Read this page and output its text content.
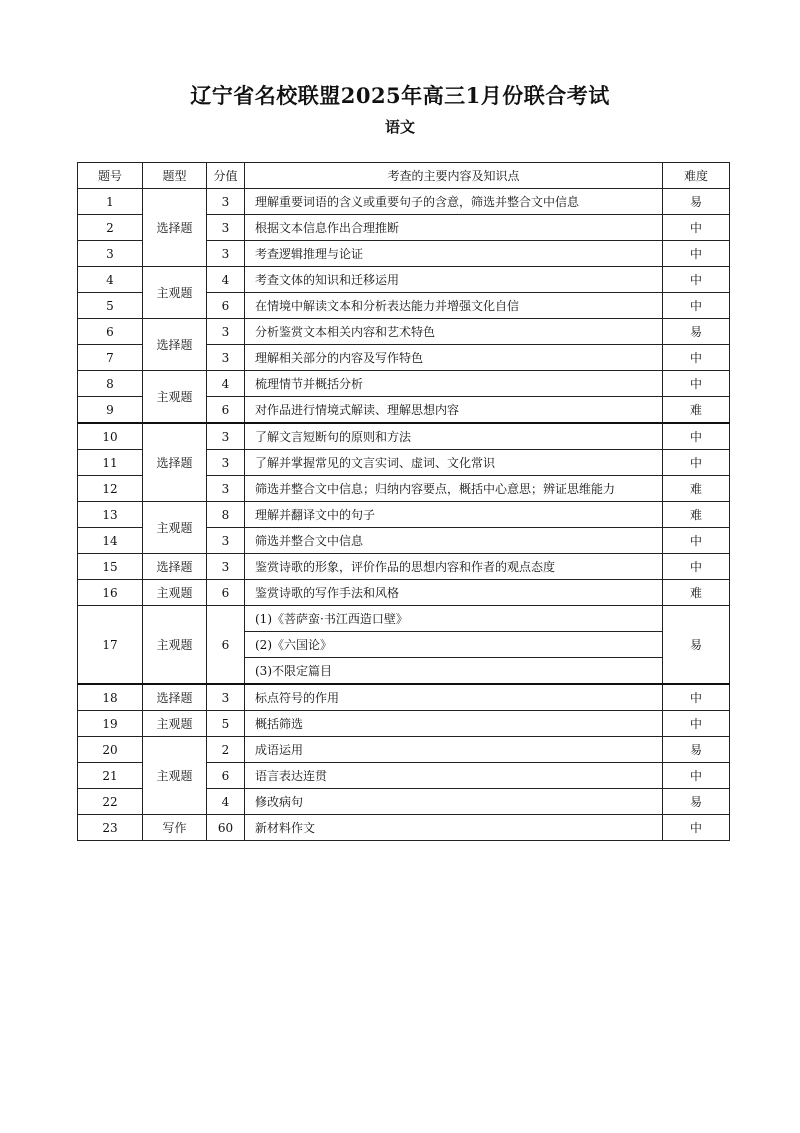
辽宁省名校联盟2025年高三1月份联合考试
语文
题号	题型	分值	考查的主要内容及知识点	难度
1	选择题	3	理解重要词语的含义或重要句子的含意，筛选并整合文中信息	易
2		3	根据文本信息作出合理推断	中
3		3	考查逻辑推理与论证	中
4	主观题	4	考查文体的知识和迁移运用	中
5		6	在情境中解读文本和分析表达能力并增强文化自信	中
6	选择题	3	分析鉴赏文本相关内容和艺术特色	易
7		3	理解相关部分的内容及写作特色	中
8	主观题	4	梳理情节并概括分析	中
9		6	对作品进行情境式解读、理解思想内容	难
10	选择题	3	了解文言短断句的原则和方法	中
11		3	了解并掌握常见的文言实词、虚词、文化常识	中
12		3	筛选并整合文中信息；归纳内容要点，概括中心意思；辨证思维能力	难
13	主观题	8	理解并翻译文中的句子	难
14		3	筛选并整合文中信息	中
15	选择题	3	鉴赏诗歌的形象，评价作品的思想内容和作者的观点态度	中
16	主观题	6	鉴赏诗歌的写作手法和风格	难
17	主观题	6	(1)《菩萨蛮·书江西造口壁》	易
			(2)《六国论》	
			(3)不限定篇目	
18	选择题	3	标点符号的作用	中
19	主观题	5	概括筛选	中
20	主观题	2	成语运用	易
21		6	语言表达连贯	中
22		4	修改病句	易
23	写作	60	新材料作文	中
